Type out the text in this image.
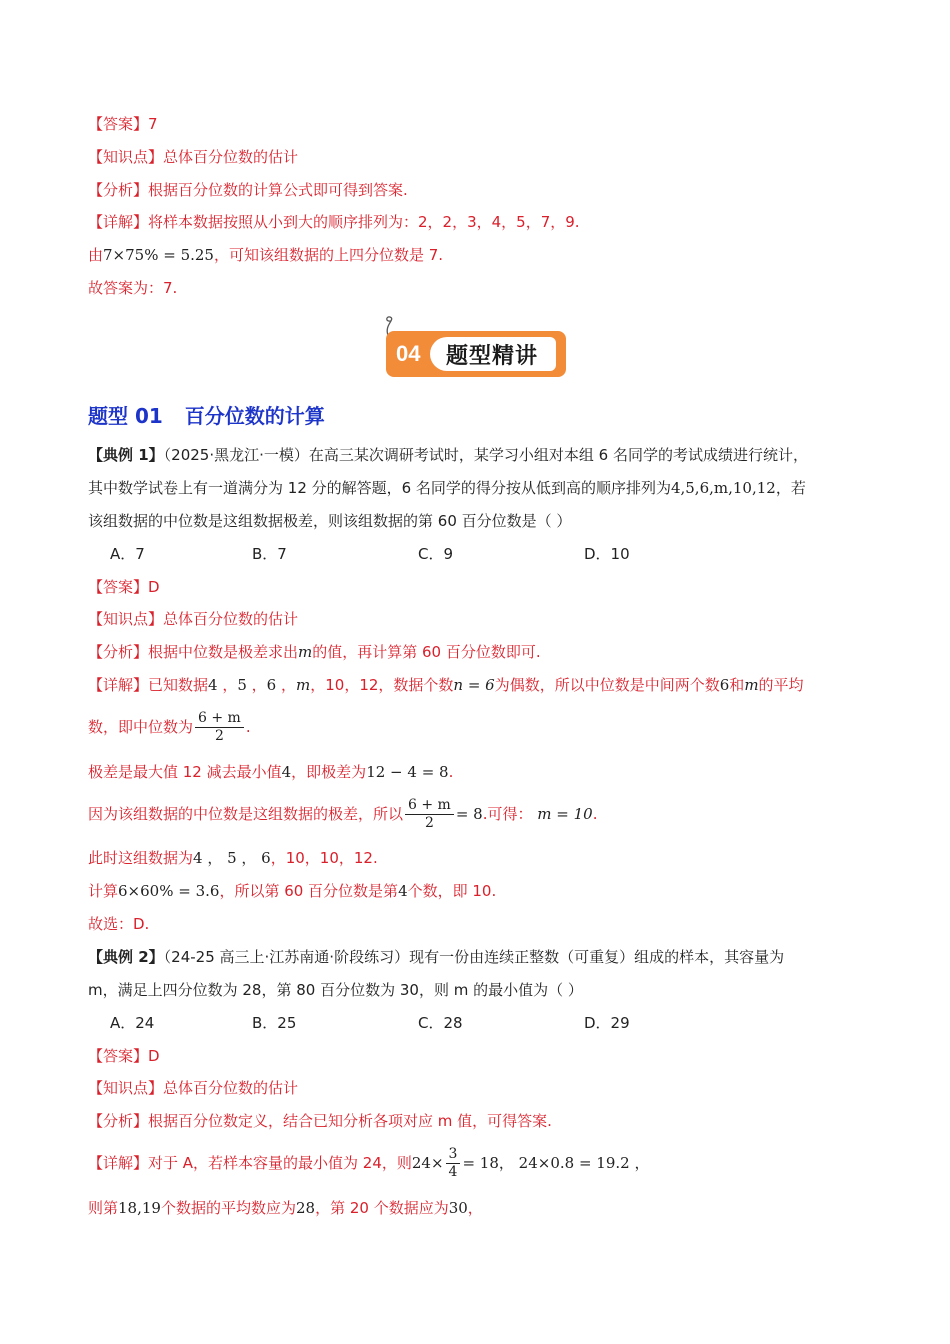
【答案】7
【知识点】总体百分位数的估计
【分析】根据百分位数的计算公式即可得到答案.
【详解】将样本数据按照从小到大的顺序排列为：2，2，3，4，5，7，9.
由7×75% = 5.25，可知该组数据的上四分位数是 7.
故答案为：7.
04 题型精讲
题型 01 百分位数的计算
【典例 1】（2025·黑龙江·一模）在高三某次调研考试时，某学习小组对本组 6 名同学的考试成绩进行统计，
其中数学试卷上有一道满分为 12 分的解答题，6 名同学的得分按从低到高的顺序排列为4,5,6,m,10,12，若
该组数据的中位数是这组数据极差，则该组数据的第 60 百分位数是（ ）
A．7	B．7	C．9	D．10
【答案】D
【知识点】总体百分位数的估计
【分析】根据中位数是极差求出m的值，再计算第 60 百分位数即可.
【详解】已知数据4 ，5 ，6 ，m，10，12，数据个数n = 6为偶数，所以中位数是中间两个数6和m的平均
数，即中位数为 $\frac{6 + m}{2}$ .
极差是最大值 12 减去最小值4，即极差为12 − 4 = 8.
因为该组数据的中位数是这组数据的极差，所以 $\frac{6 + m}{2} = 8$.可得： m = 10.
此时这组数据为4 ， 5 ， 6，10，10，12.
计算6×60% = 3.6，所以第 60 百分位数是第4个数，即 10.
故选：D.
【典例 2】（24-25 高三上·江苏南通·阶段练习）现有一份由连续正整数（可重复）组成的样本，其容量为
m，满足上四分位数为 28，第 80 百分位数为 30，则 m 的最小值为（ ）
A．24	B．25	C．28	D．29
【答案】D
【知识点】总体百分位数的估计
【分析】根据百分位数定义，结合已知分析各项对应 m 值，可得答案.
【详解】对于 A，若样本容量的最小值为 24，则$24\times \frac{3}{4} = 18$， 24×0.8 = 19.2 ，
则第18,19个数据的平均数应为28，第 20 个数据应为30，
